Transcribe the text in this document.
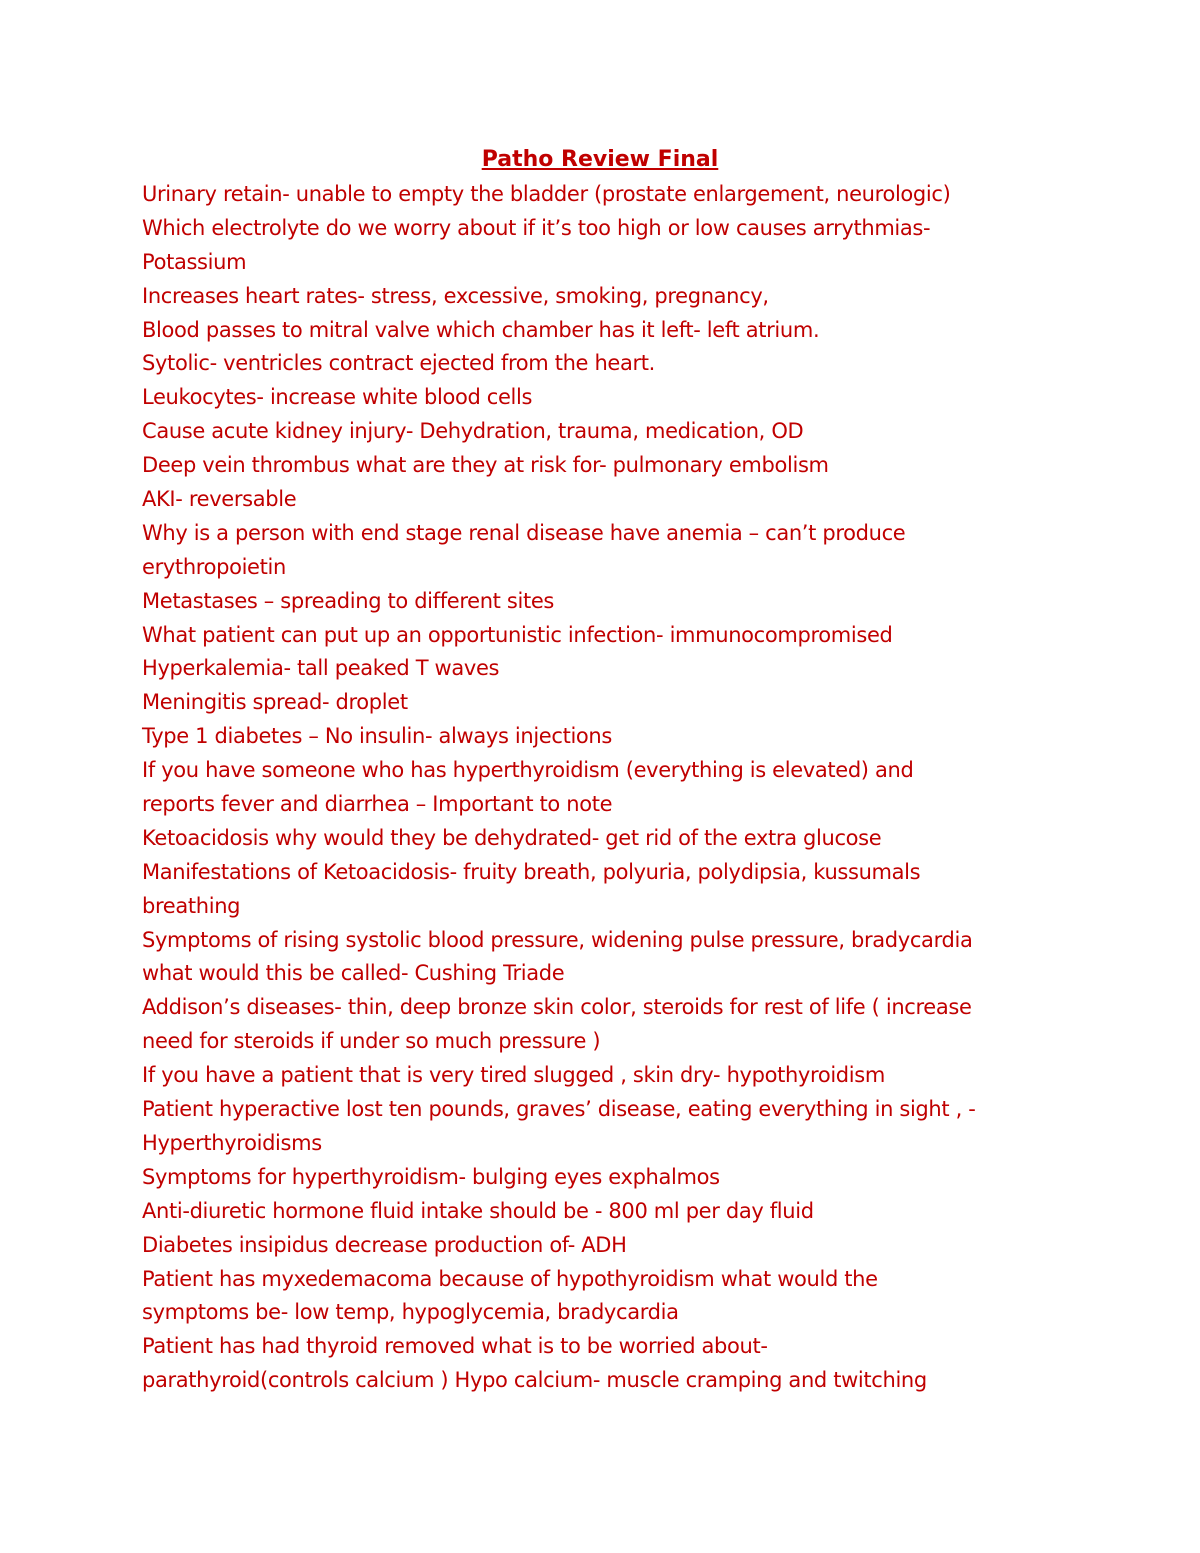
Patho Review Final
Urinary retain- unable to empty the bladder (prostate enlargement, neurologic)
Which electrolyte do we worry about if it’s too high or low causes arrythmias-
Potassium
Increases heart rates- stress, excessive, smoking, pregnancy,
Blood passes to mitral valve which chamber has it left- left atrium.
Sytolic- ventricles contract ejected from the heart.
Leukocytes- increase white blood cells
Cause acute kidney injury- Dehydration, trauma, medication, OD
Deep vein thrombus what are they at risk for- pulmonary embolism
AKI- reversable
Why is a person with end stage renal disease have anemia – can’t produce
erythropoietin
Metastases – spreading to different sites
What patient can put up an opportunistic infection- immunocompromised
Hyperkalemia- tall peaked T waves
Meningitis spread- droplet
Type 1 diabetes – No insulin- always injections
If you have someone who has hyperthyroidism (everything is elevated) and
reports fever and diarrhea – Important to note
Ketoacidosis why would they be dehydrated- get rid of the extra glucose
Manifestations of Ketoacidosis- fruity breath, polyuria, polydipsia, kussumals
breathing
Symptoms of rising systolic blood pressure, widening pulse pressure, bradycardia
what would this be called- Cushing Triade
Addison’s diseases- thin, deep bronze skin color, steroids for rest of life ( increase
need for steroids if under so much pressure )
If you have a patient that is very tired slugged , skin dry- hypothyroidism
Patient hyperactive lost ten pounds, graves’ disease, eating everything in sight , -
Hyperthyroidisms
Symptoms for hyperthyroidism- bulging eyes exphalmos
Anti-diuretic hormone fluid intake should be - 800 ml per day fluid
Diabetes insipidus decrease production of- ADH
Patient has myxedemacoma because of hypothyroidism what would the
symptoms be- low temp, hypoglycemia, bradycardia
Patient has had thyroid removed what is to be worried about-
parathyroid(controls calcium ) Hypo calcium- muscle cramping and twitching
